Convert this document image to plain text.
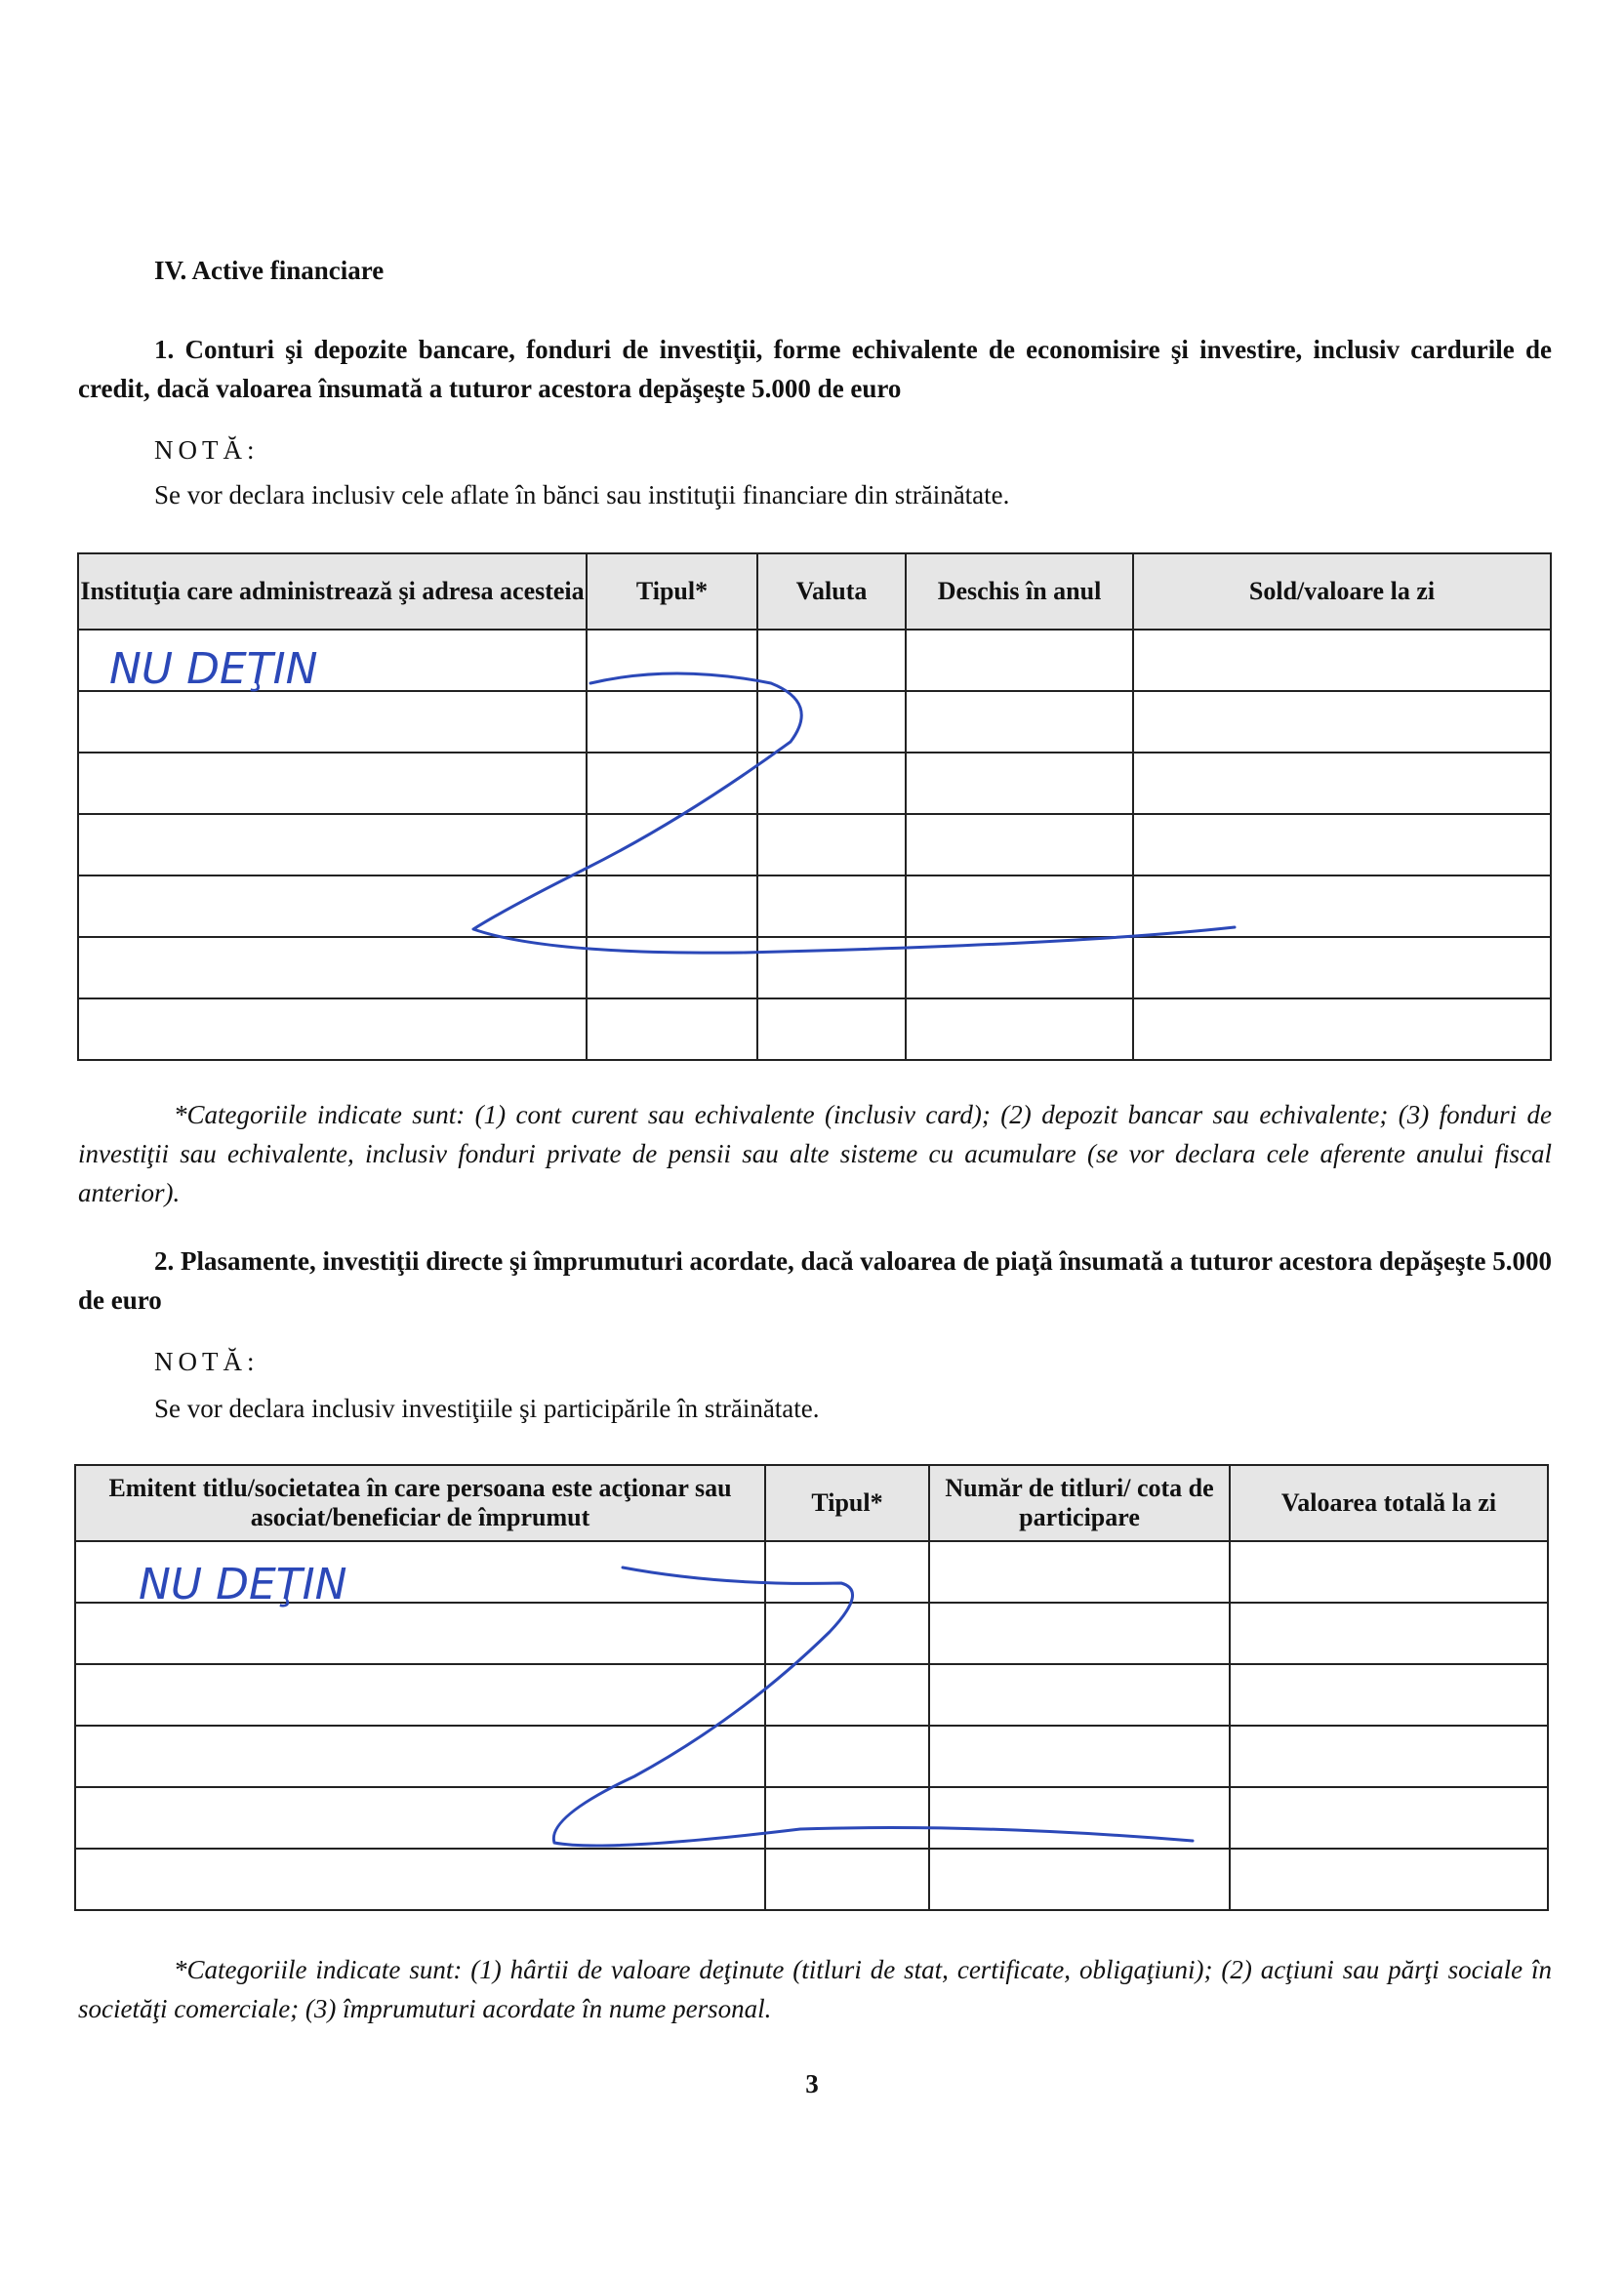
IV. Active financiare
1. Conturi şi depozite bancare, fonduri de investiţii, forme echivalente de economisire şi investire, inclusiv cardurile de credit, dacă valoarea însumată a tuturor acestora depăşeşte 5.000 de euro
NOTĂ:
Se vor declara inclusiv cele aflate în bănci sau instituţii financiare din străinătate.
Instituţia care administrează şi adresa acesteia	Tipul*	Valuta	Deschis în anul	Sold/valoare la zi

*Categoriile indicate sunt: (1) cont curent sau echivalente (inclusiv card); (2) depozit bancar sau echivalente; (3) fonduri de investiţii sau echivalente, inclusiv fonduri private de pensii sau alte sisteme cu acumulare (se vor declara cele aferente anului fiscal anterior).
2. Plasamente, investiţii directe şi împrumuturi acordate, dacă valoarea de piaţă însumată a tuturor acestora depăşeşte 5.000 de euro
NOTĂ:
Se vor declara inclusiv investiţiile şi participările în străinătate.
Emitent titlu/societatea în care persoana este acţionar sau asociat/beneficiar de împrumut	Tipul*	Număr de titluri/ cota de participare	Valoarea totală la zi

*Categoriile indicate sunt: (1) hârtii de valoare deţinute (titluri de stat, certificate, obligaţiuni); (2) acţiuni sau părţi sociale în societăţi comerciale; (3) împrumuturi acordate în nume personal.
3
NU DEŢIN
NU DEŢIN
